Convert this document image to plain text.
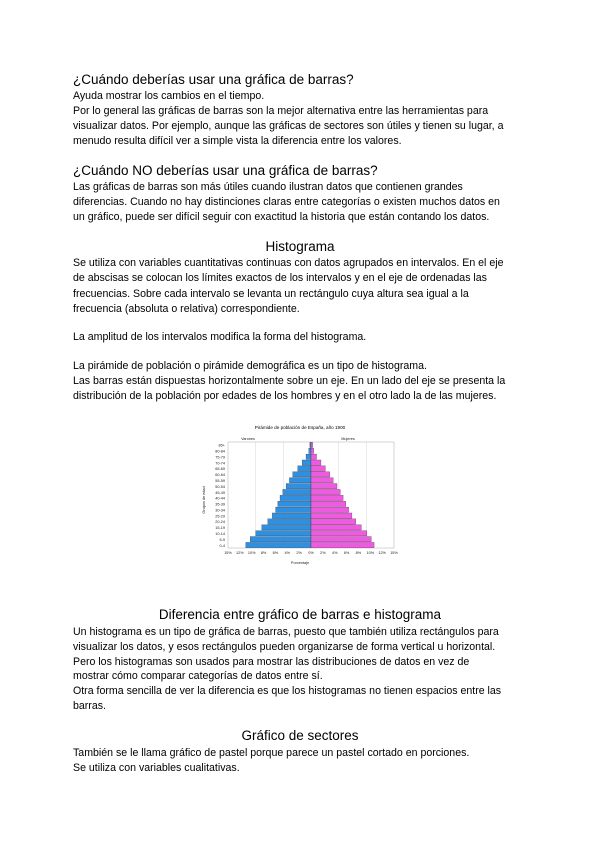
¿Cuándo deberías usar una gráfica de barras?

Ayuda mostrar los cambios en el tiempo.

Por lo general las gráficas de barras son la mejor alternativa entre las herramientas para

visualizar datos. Por ejemplo, aunque las gráficas de sectores son útiles y tienen su lugar, a

menudo resulta difícil ver a simple vista la diferencia entre los valores.

¿Cuándo NO deberías usar una gráfica de barras?

Las gráficas de barras son más útiles cuando ilustran datos que contienen grandes

diferencias. Cuando no hay distinciones claras entre categorías o existen muchos datos en

un gráfico, puede ser difícil seguir con exactitud la historia que están contando los datos.

Histograma

Se utiliza con variables cuantitativas continuas con datos agrupados en intervalos. En el eje

de abscisas se colocan los límites exactos de los intervalos y en el eje de ordenadas las

frecuencias. Sobre cada intervalo se levanta un rectángulo cuya altura sea igual a la

frecuencia (absoluta o relativa) correspondiente.

La amplitud de los intervalos modifica la forma del histograma.

La pirámide de población o pirámide demográfica es un tipo de histograma.

Las barras están dispuestas horizontalmente sobre un eje. En un lado del eje se presenta la

distribución de la población por edades de los hombres y en el otro lado la de las mujeres.

Pirámide de población de España, año 1900
Varones	Mujeres
Porcentaje
Grupos de edad
85+
80-84
75-79
70-74
65-69
60-64
55-59
50-54
45-49
40-44
35-39
30-34
25-29
20-24
15-19
10-14
5-9
0-4
15% 12% 10% 8% 6% 4% 2% 0% 2% 4% 6% 8% 10% 12% 15%
Diferencia entre gráfico de barras e histograma

Un histograma es un tipo de gráfica de barras, puesto que también utiliza rectángulos para

visualizar los datos, y esos rectángulos pueden organizarse de forma vertical u horizontal.

Pero los histogramas son usados para mostrar las distribuciones de datos en vez de

mostrar cómo comparar categorías de datos entre sí.

Otra forma sencilla de ver la diferencia es que los histogramas no tienen espacios entre las

barras.

Gráfico de sectores

También se le llama gráfico de pastel porque parece un pastel cortado en porciones.

Se utiliza con variables cualitativas.
